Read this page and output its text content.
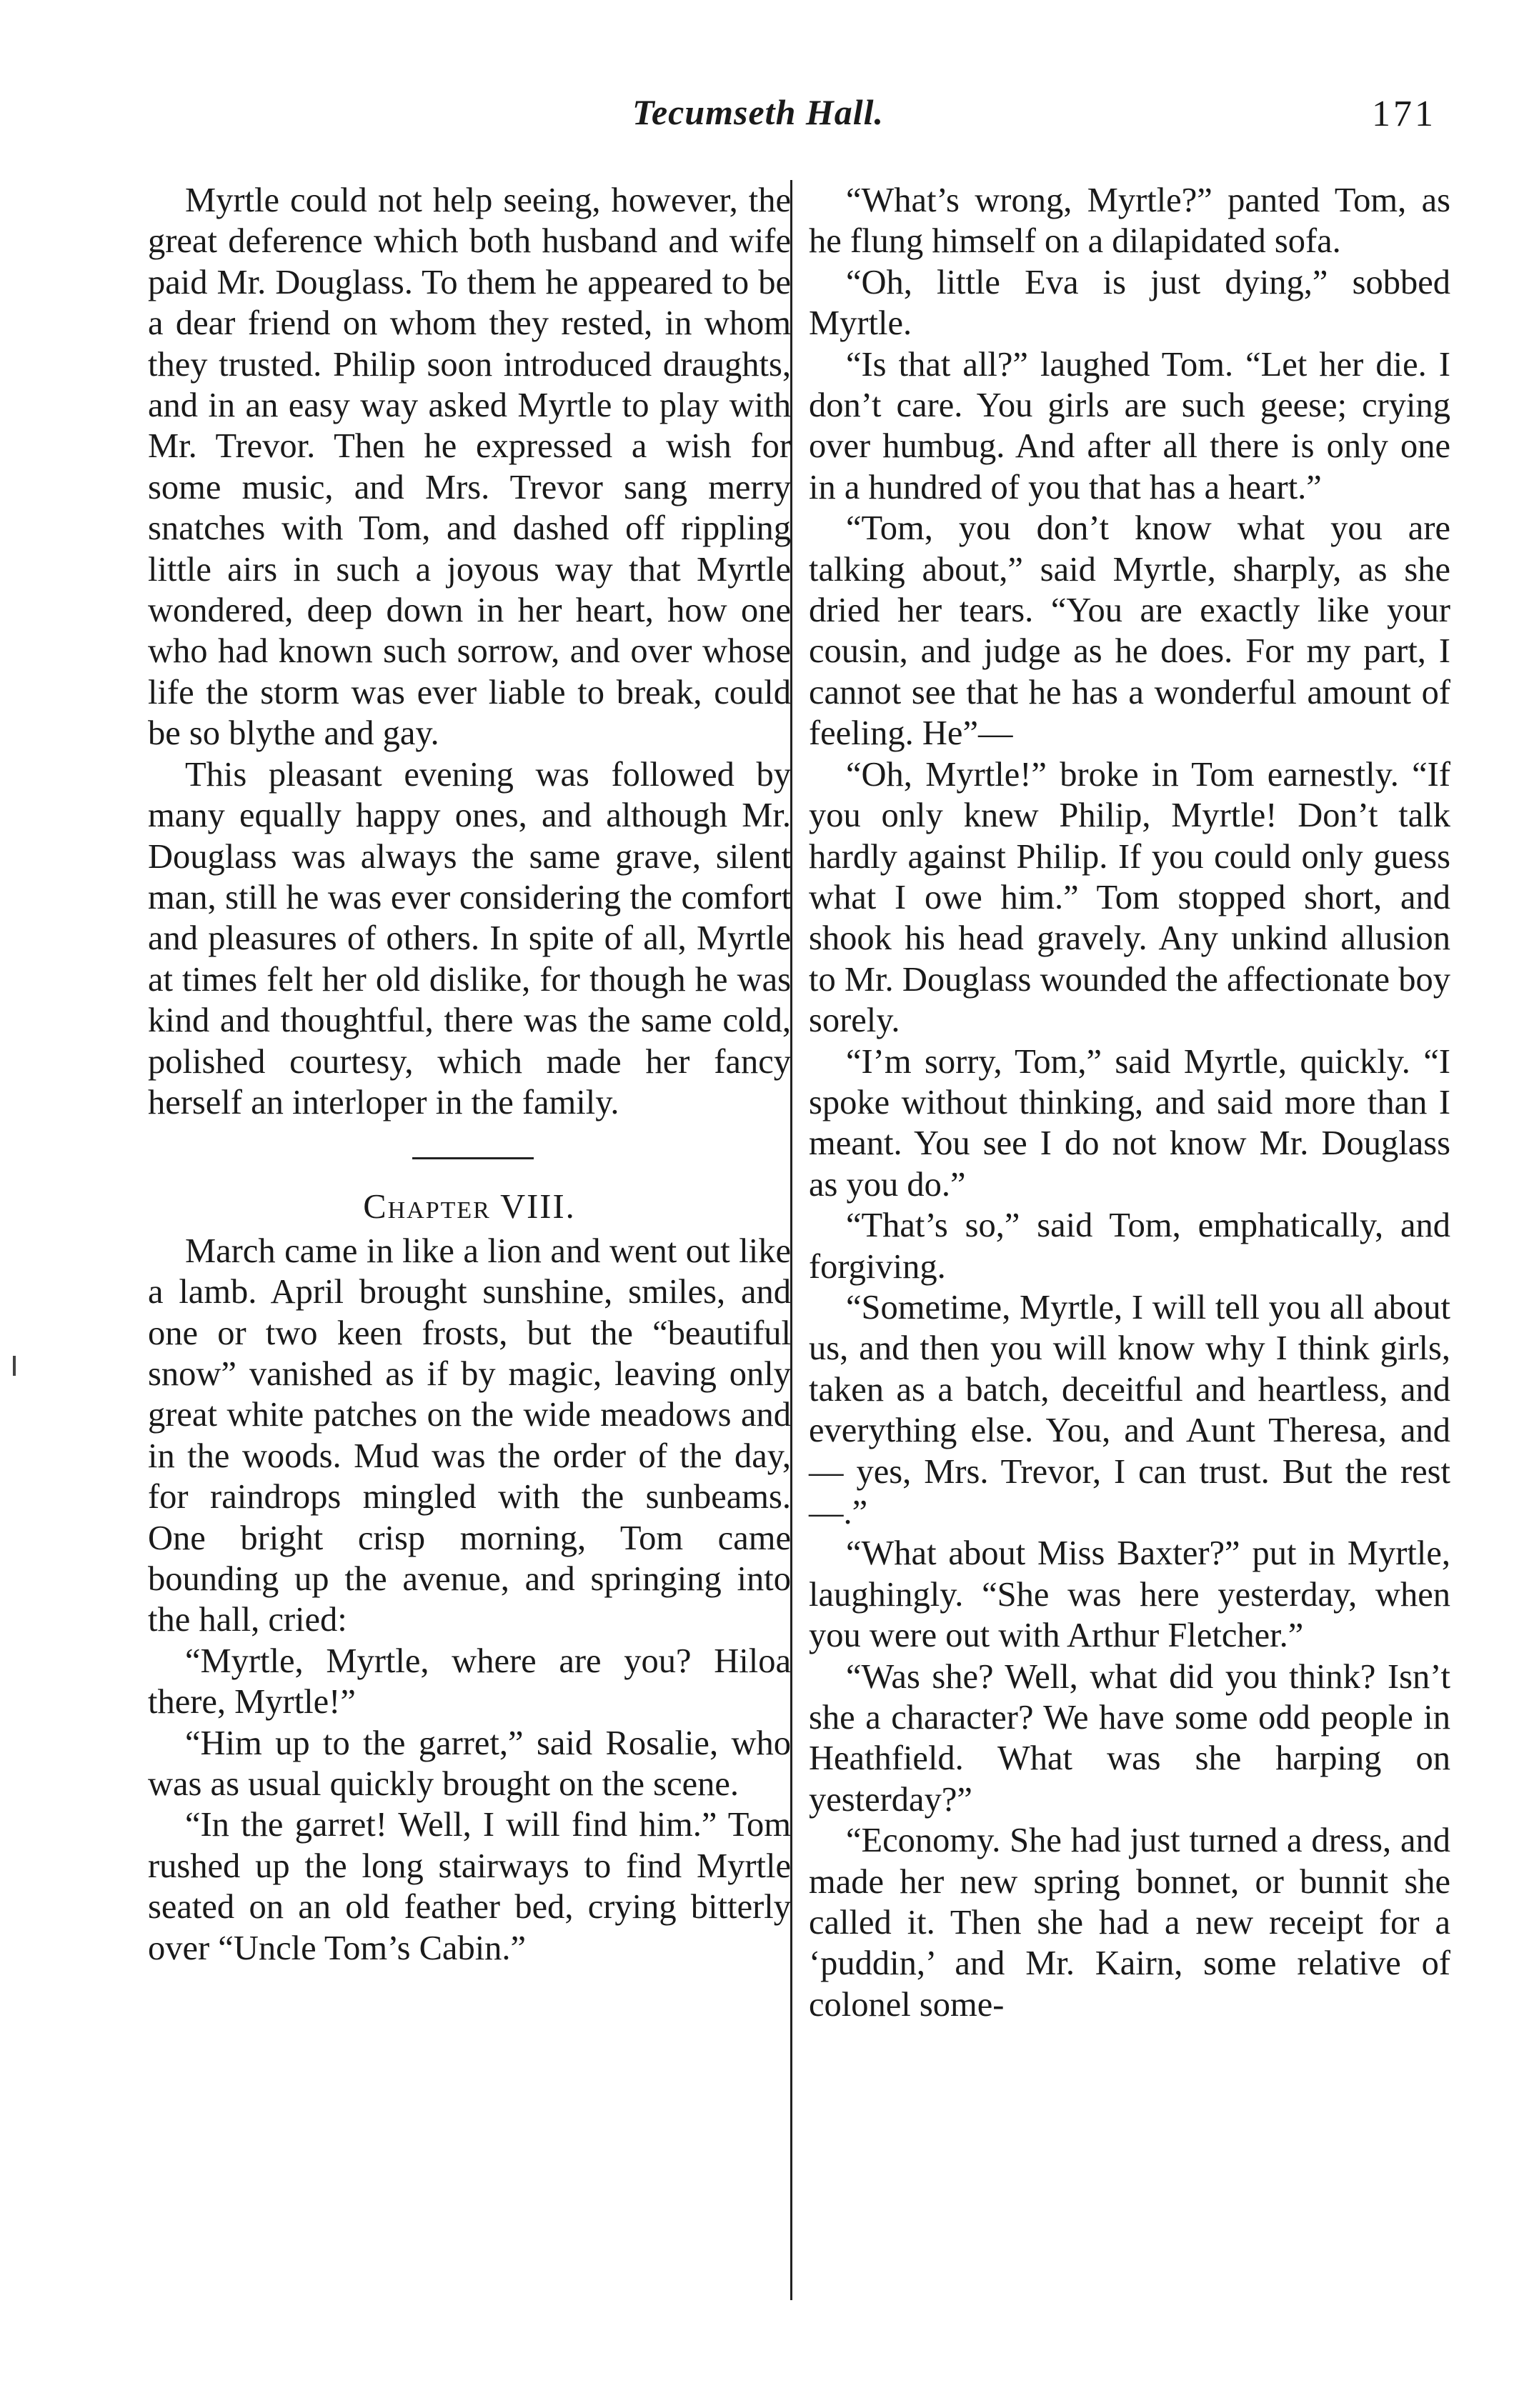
Tecumseth Hall.	171

Myrtle could not help seeing, however, the great deference which both husband and wife paid Mr. Douglass. To them he appeared to be a dear friend on whom they rested, in whom they trusted. Philip soon introduced draughts, and in an easy way asked Myrtle to play with Mr. Trevor. Then he expressed a wish for some music, and Mrs. Trevor sang merry snatches with Tom, and dashed off rippling little airs in such a joyous way that Myrtle wondered, deep down in her heart, how one who had known such sorrow, and over whose life the storm was ever liable to break, could be so blythe and gay.

This pleasant evening was followed by many equally happy ones, and although Mr. Douglass was always the same grave, silent man, still he was ever considering the comfort and pleasures of others. In spite of all, Myrtle at times felt her old dislike, for though he was kind and thoughtful, there was the same cold, polished courtesy, which made her fancy herself an interloper in the family.

Chapter VIII.

March came in like a lion and went out like a lamb. April brought sunshine, smiles, and one or two keen frosts, but the “beautiful snow” vanished as if by magic, leaving only great white patches on the wide meadows and in the woods. Mud was the order of the day, for raindrops mingled with the sunbeams. One bright crisp morning, Tom came bounding up the avenue, and springing into the hall, cried:

“Myrtle, Myrtle, where are you? Hiloa there, Myrtle!”

“Him up to the garret,” said Rosalie, who was as usual quickly brought on the scene.

“In the garret! Well, I will find him.” Tom rushed up the long stairways to find Myrtle seated on an old feather bed, crying bitterly over “Uncle Tom’s Cabin.”

“What’s wrong, Myrtle?” panted Tom, as he flung himself on a dilapidated sofa.

“Oh, little Eva is just dying,” sobbed Myrtle.

“Is that all?” laughed Tom. “Let her die. I don’t care. You girls are such geese; crying over humbug. And after all there is only one in a hundred of you that has a heart.”

“Tom, you don’t know what you are talking about,” said Myrtle, sharply, as she dried her tears. “You are exactly like your cousin, and judge as he does. For my part, I cannot see that he has a wonderful amount of feeling. He”—

“Oh, Myrtle!” broke in Tom earnestly. “If you only knew Philip, Myrtle! Don’t talk hardly against Philip. If you could only guess what I owe him.” Tom stopped short, and shook his head gravely. Any unkind allusion to Mr. Douglass wounded the affectionate boy sorely.

“I’m sorry, Tom,” said Myrtle, quickly. “I spoke without thinking, and said more than I meant. You see I do not know Mr. Douglass as you do.”

“That’s so,” said Tom, emphatically, and forgiving.

“Sometime, Myrtle, I will tell you all about us, and then you will know why I think girls, taken as a batch, deceitful and heartless, and everything else. You, and Aunt Theresa, and— yes, Mrs. Trevor, I can trust. But the rest—.”

“What about Miss Baxter?” put in Myrtle, laughingly. “She was here yesterday, when you were out with Arthur Fletcher.”

“Was she? Well, what did you think? Isn’t she a character? We have some odd people in Heathfield. What was she harping on yesterday?”

“Economy. She had just turned a dress, and made her new spring bonnet, or bunnit she called it. Then she had a new receipt for a ‘puddin,’ and Mr. Kairn, some relative of colonel some-
